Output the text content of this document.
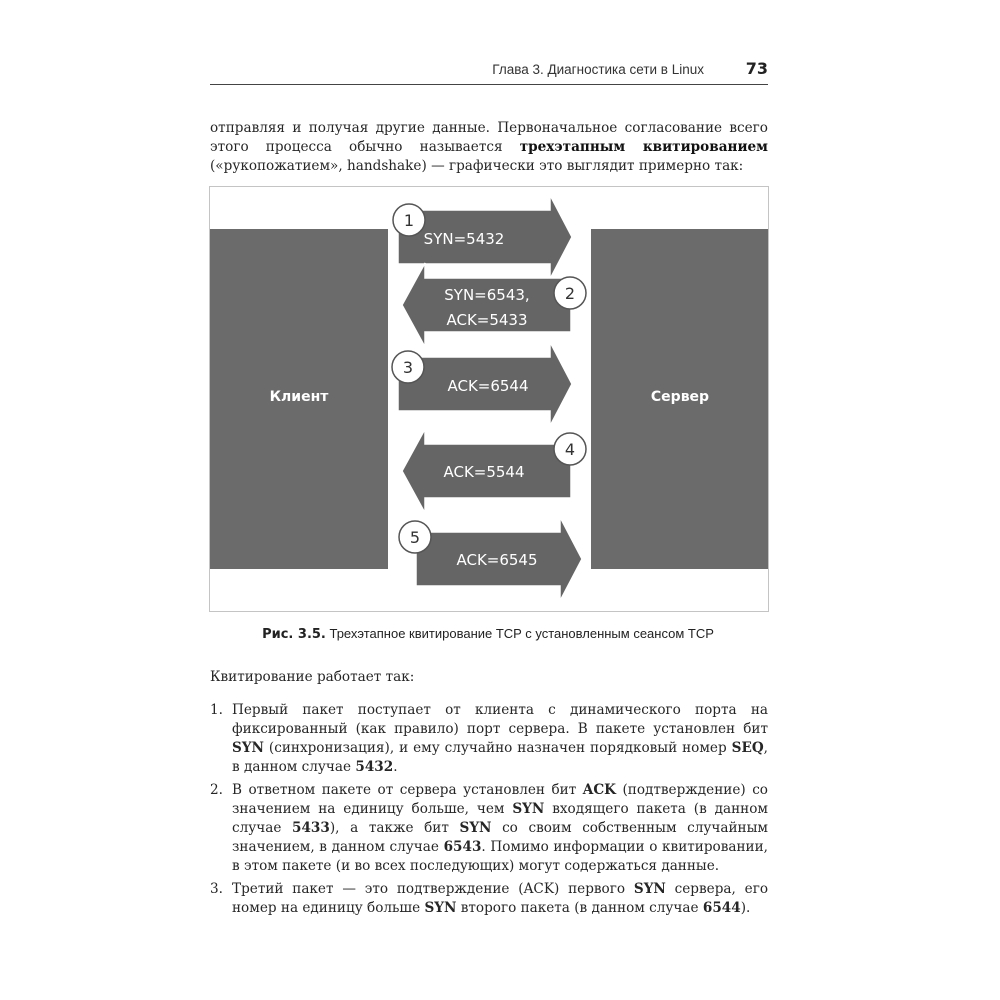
Глава 3. Диагностика сети в Linux	73
отправляя и получая другие данные. Первоначальное согласование всего этого процесса обычно называется трехэтапным квитированием («рукопожатием», handshake) — графически это выглядит примерно так:
Клиент	Сервер
SYN=5432
1
SYN=6543,
ACK=5433
2
ACK=6544
3
ACK=5544
4
ACK=6545
5
Рис. 3.5. Трехэтапное квитирование TCP с установленным сеансом TCP
Квитирование работает так:
1. Первый пакет поступает от клиента с динамического порта на фиксированный (как правило) порт сервера. В пакете установлен бит SYN (синхронизация), и ему случайно назначен порядковый номер SEQ, в данном случае 5432.
2. В ответном пакете от сервера установлен бит ACK (подтверждение) со значением на единицу больше, чем SYN входящего пакета (в данном случае 5433), а также бит SYN со своим собственным случайным значением, в данном случае 6543. Помимо информации о квитировании, в этом пакете (и во всех последующих) могут содержаться данные.
3. Третий пакет — это подтверждение (ACK) первого SYN сервера, его номер на единицу больше SYN второго пакета (в данном случае 6544).
